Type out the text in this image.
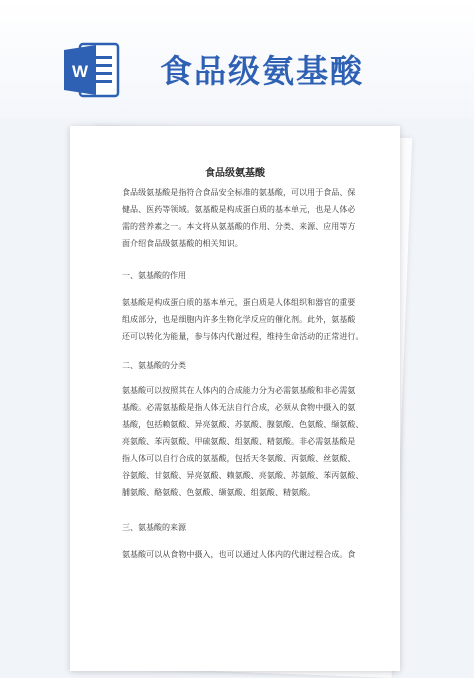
W 食品级氨基酸
食品级氨基酸
食品级氨基酸是指符合食品安全标准的氨基酸，可以用于食品、保
健品、医药等领域。氨基酸是构成蛋白质的基本单元，也是人体必
需的营养素之一。本文将从氨基酸的作用、分类、来源、应用等方
面介绍食品级氨基酸的相关知识。
一、氨基酸的作用
氨基酸是构成蛋白质的基本单元，蛋白质是人体组织和器官的重要
组成部分，也是细胞内许多生物化学反应的催化剂。此外，氨基酸
还可以转化为能量，参与体内代谢过程，维持生命活动的正常进行。
二、氨基酸的分类
氨基酸可以按照其在人体内的合成能力分为必需氨基酸和非必需氨
基酸。必需氨基酸是指人体无法自行合成，必须从食物中摄入的氨
基酸，包括赖氨酸、异亮氨酸、苏氨酸、腺氨酸、色氨酸、缬氨酸、
亮氨酸、苯丙氨酸、甲硫氨酸、组氨酸、精氨酸。非必需氨基酸是
指人体可以自行合成的氨基酸，包括天冬氨酸、丙氨酸、丝氨酸、
谷氨酸、甘氨酸、异亮氨酸、赖氨酸、亮氨酸、苏氨酸、苯丙氨酸、
脯氨酸、酪氨酸、色氨酸、缬氨酸、组氨酸、精氨酸。
三、氨基酸的来源
氨基酸可以从食物中摄入，也可以通过人体内的代谢过程合成。食
